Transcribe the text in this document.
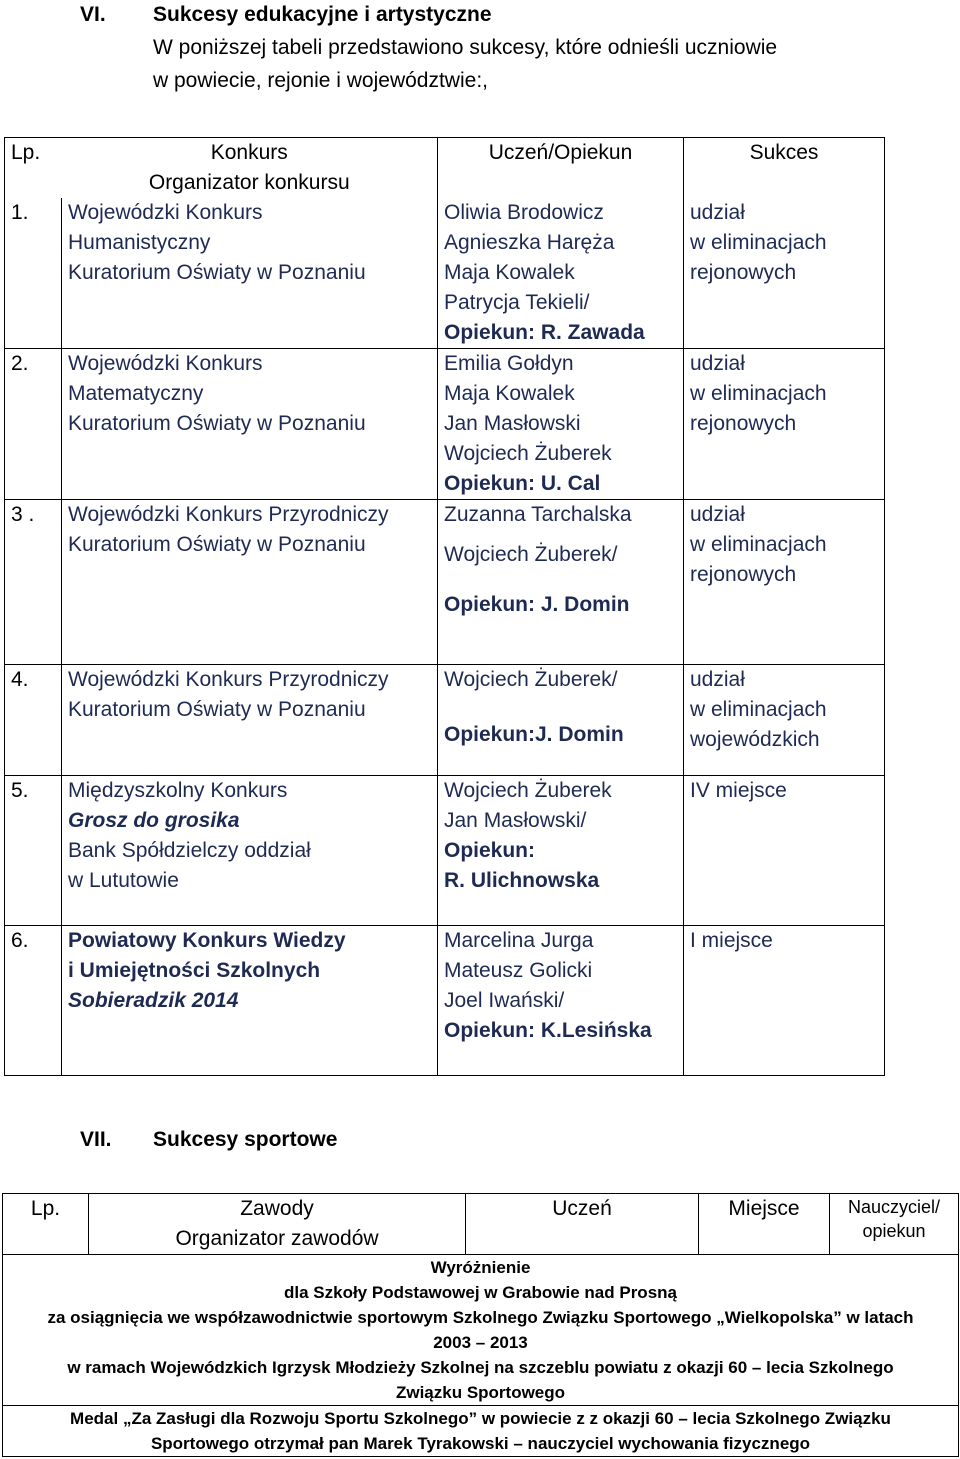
VI. Sukcesy edukacyjne i artystyczne
W poniższej tabeli przedstawiono sukcesy, które odnieśli uczniowie
w powiecie, rejonie i województwie:,
Lp.	Konkurs
Organizator konkursu	Uczeń/Opiekun	Sukces

1.	Wojewódzki Konkurs
Humanistyczny
Kuratorium Oświaty w Poznaniu	Oliwia Brodowicz
Agnieszka Haręża
Maja Kowalek
Patrycja Tekieli/
Opiekun: R. Zawada	udział
w eliminacjach
rejonowych

2.	Wojewódzki Konkurs
Matematyczny
Kuratorium Oświaty w Poznaniu	Emilia Gołdyn
Maja Kowalek
Jan Masłowski
Wojciech Żuberek
Opiekun: U. Cal	udział
w eliminacjach
rejonowych

3 .	Wojewódzki Konkurs Przyrodniczy
Kuratorium Oświaty w Poznaniu	Zuzanna Tarchalska
Wojciech Żuberek/
Opiekun: J. Domin	udział
w eliminacjach
rejonowych

4.	Wojewódzki Konkurs Przyrodniczy
Kuratorium Oświaty w Poznaniu	Wojciech Żuberek/
Opiekun:J. Domin	udział
w eliminacjach
wojewódzkich

5.	Międzyszkolny Konkurs
Grosz do grosika
Bank Spółdzielczy oddział
w Lututowie	Wojciech Żuberek
Jan Masłowski/
Opiekun:
R. Ulichnowska	IV miejsce

6.	Powiatowy Konkurs Wiedzy
i Umiejętności Szkolnych
Sobieradzik 2014	Marcelina Jurga
Mateusz Golicki
Joel Iwański/
Opiekun: K.Lesińska	I miejsce
VII. Sukcesy sportowe
Lp.	Zawody
Organizator zawodów

Uczeń	Miejsce	Nauczyciel/
opiekun

Wyróżnienie
dla Szkoły Podstawowej w Grabowie nad Prosną
za osiągnięcia we współzawodnictwie sportowym Szkolnego Związku Sportowego „Wielkopolska” w latach
2003 – 2013
w ramach Wojewódzkich Igrzysk Młodzieży Szkolnej na szczeblu powiatu z okazji 60 – lecia Szkolnego
Związku Sportowego

Medal „Za Zasługi dla Rozwoju Sportu Szkolnego” w powiecie z z okazji 60 – lecia Szkolnego Związku
Sportowego otrzymał pan Marek Tyrakowski – nauczyciel wychowania fizycznego
